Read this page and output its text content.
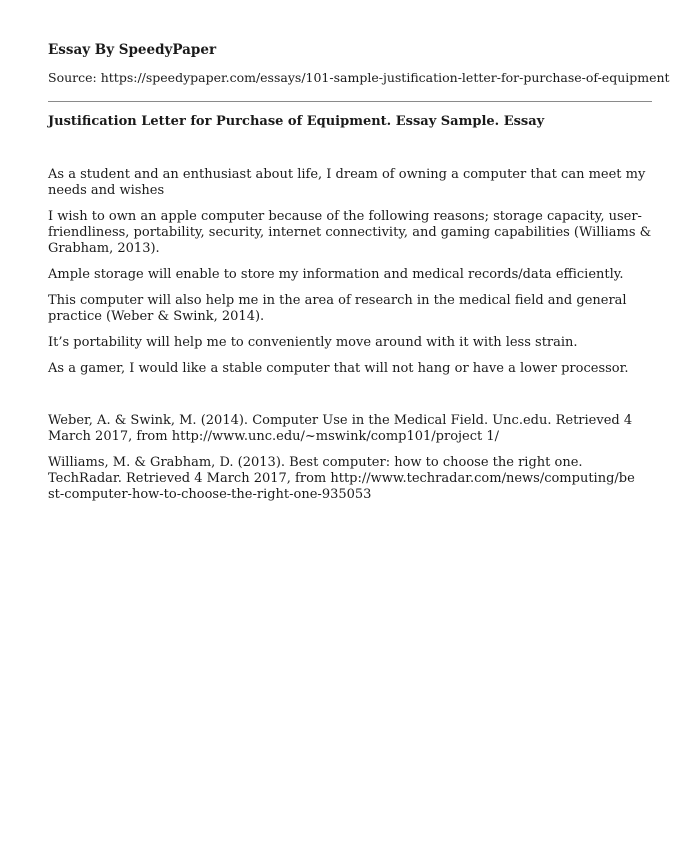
Essay By SpeedyPaper
Source: https://speedypaper.com/essays/101-sample-justification-letter-for-purchase-of-equipment
Justification Letter for Purchase of Equipment. Essay Sample. Essay

As a student and an enthusiast about life, I dream of owning a computer that can meet my needs and wishes

I wish to own an apple computer because of the following reasons; storage capacity, user-friendliness, portability, security, internet connectivity, and gaming capabilities (Williams & Grabham, 2013).

Ample storage will enable to store my information and medical records/data efficiently.

This computer will also help me in the area of research in the medical field and general practice (Weber & Swink, 2014).

It’s portability will help me to conveniently move around with it with less strain.

As a gamer, I would like a stable computer that will not hang or have a lower processor.

Weber, A. & Swink, M. (2014). Computer Use in the Medical Field. Unc.edu. Retrieved 4 March 2017, from http://www.unc.edu/~mswink/comp101/project 1/

Williams, M. & Grabham, D. (2013). Best computer: how to choose the right one. TechRadar. Retrieved 4 March 2017, from http://www.techradar.com/news/computing/be st-computer-how-to-choose-the-right-one-935053
